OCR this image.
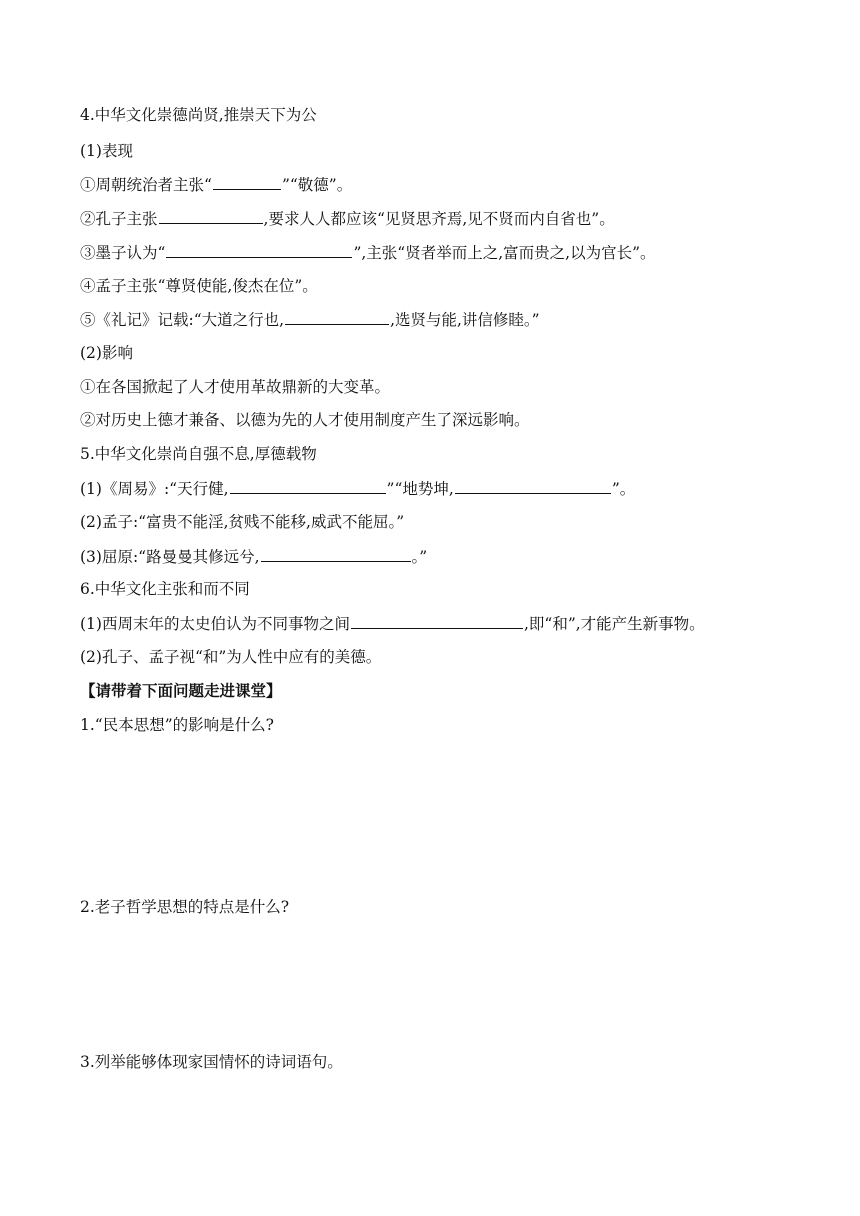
4.中华文化崇德尚贤,推崇天下为公
(1)表现
①周朝统治者主张“	”“敬德”。
②孔子主张	,要求人人都应该“见贤思齐焉,见不贤而内自省也”。
③墨子认为“	”,主张“贤者举而上之,富而贵之,以为官长”。
④孟子主张“尊贤使能,俊杰在位”。
⑤《礼记》记载:“大道之行也,	,选贤与能,讲信修睦。”
(2)影响
①在各国掀起了人才使用革故鼎新的大变革。
②对历史上德才兼备、以德为先的人才使用制度产生了深远影响。
5.中华文化崇尚自强不息,厚德载物
(1)《周易》:“天行健,	”“地势坤,	”。
(2)孟子:“富贵不能淫,贫贱不能移,威武不能屈。”
(3)屈原:“路曼曼其修远兮,	。”
6.中华文化主张和而不同
(1)西周末年的太史伯认为不同事物之间	,即“和”,才能产生新事物。
(2)孔子、孟子视“和”为人性中应有的美德。
【请带着下面问题走进课堂】
1.“民本思想”的影响是什么?
2.老子哲学思想的特点是什么?
3.列举能够体现家国情怀的诗词语句。
